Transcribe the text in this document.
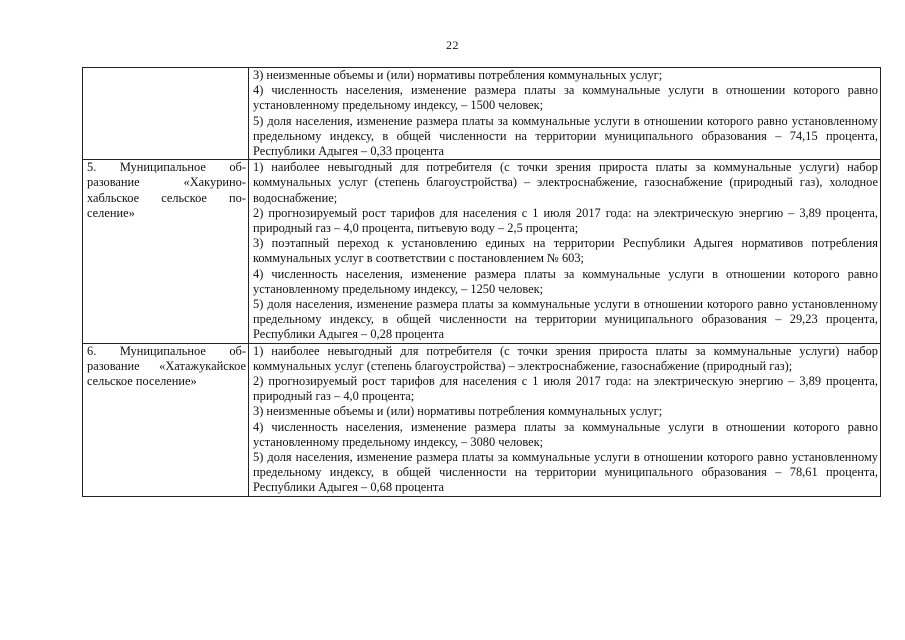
22

	3) неизменные объемы и (или) нормативы потребления коммунальных услуг;
4) численность населения, изменение размера платы за коммунальные услуги в отношении которого равно установленному предельному индексу, – 1500 человек;
5) доля населения, изменение размера платы за коммунальные услуги в отношении которого равно установленному предельному индексу, в общей численности на территории муниципального образования – 74,15 процента, Республики Адыгея – 0,33 процента

5. Муниципальное образование «Хакуринохабльское сельское поселение»	1) наиболее невыгодный для потребителя (с точки зрения прироста платы за коммунальные услуги) набор коммунальных услуг (степень благоустройства) – электроснабжение, газоснабжение (природный газ), холодное водоснабжение;
2) прогнозируемый рост тарифов для населения с 1 июля 2017 года: на электрическую энергию – 3,89 процента, природный газ – 4,0 процента, питьевую воду – 2,5 процента;
3) поэтапный переход к установлению единых на территории Республики Адыгея нормативов потребления коммунальных услуг в соответствии с постановлением № 603;
4) численность населения, изменение размера платы за коммунальные услуги в отношении которого равно установленному предельному индексу, – 1250 человек;
5) доля населения, изменение размера платы за коммунальные услуги в отношении которого равно установленному предельному индексу, в общей численности на территории муниципального образования – 29,23 процента, Республики Адыгея – 0,28 процента

6. Муниципальное образование «Хатажукайское сельское поселение»	1) наиболее невыгодный для потребителя (с точки зрения прироста платы за коммунальные услуги) набор коммунальных услуг (степень благоустройства) – электроснабжение, газоснабжение (природный газ);
2) прогнозируемый рост тарифов для населения с 1 июля 2017 года: на электрическую энергию – 3,89 процента, природный газ – 4,0 процента;
3) неизменные объемы и (или) нормативы потребления коммунальных услуг;
4) численность населения, изменение размера платы за коммунальные услуги в отношении которого равно установленному предельному индексу, – 3080 человек;
5) доля населения, изменение размера платы за коммунальные услуги в отношении которого равно установленному предельному индексу, в общей численности на территории муниципального образования – 78,61 процента, Республики Адыгея – 0,68 процента
